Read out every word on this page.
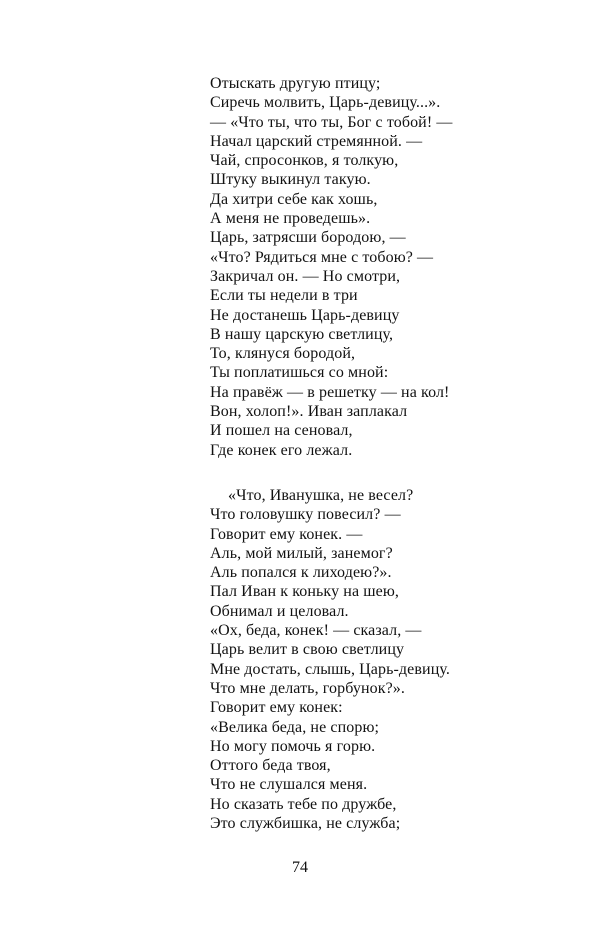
Отыскать другую птицу;
Сиречь молвить, Царь-девицу...».
— «Что ты, что ты, Бог с тобой! —
Начал царский стремянной. —
Чай, спросонков, я толкую,
Штуку выкинул такую.
Да хитри себе как хошь,
А меня не проведешь».
Царь, затрясши бородою, —
«Что? Рядиться мне с тобою? —
Закричал он. — Но смотри,
Если ты недели в три
Не достанешь Царь-девицу
В нашу царскую светлицу,
То, клянуся бородой,
Ты поплатишься со мной:
На правёж — в решетку — на кол!
Вон, холоп!». Иван заплакал
И пошел на сеновал,
Где конек его лежал.
«Что, Иванушка, не весел?
Что головушку повесил? —
Говорит ему конек. —
Аль, мой милый, занемог?
Аль попался к лиходею?».
Пал Иван к коньку на шею,
Обнимал и целовал.
«Ох, беда, конек! — сказал, —
Царь велит в свою светлицу
Мне достать, слышь, Царь-девицу.
Что мне делать, горбунок?».
Говорит ему конек:
«Велика беда, не спорю;
Но могу помочь я горю.
Оттого беда твоя,
Что не слушался меня.
Но сказать тебе по дружбе,
Это службишка, не служба;
74
